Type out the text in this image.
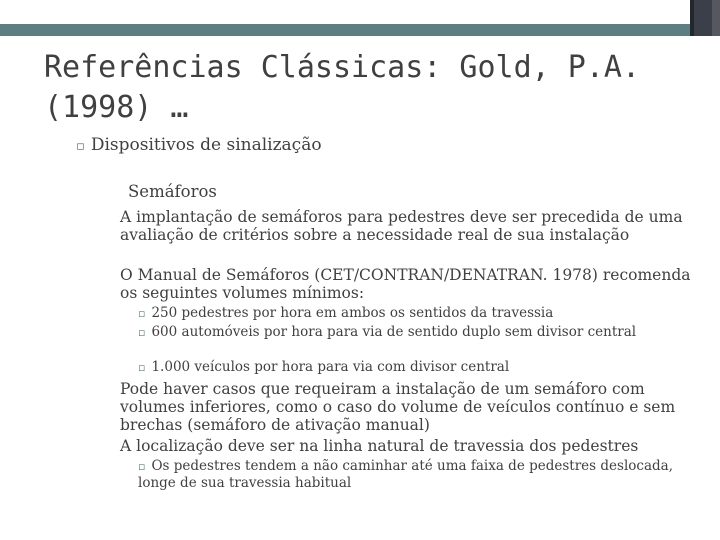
Referências Clássicas: Gold, P.A. (1998) …
▫ Dispositivos de sinalização
Semáforos
A implantação de semáforos para pedestres deve ser precedida de uma avaliação de critérios sobre a necessidade real de sua instalação
O Manual de Semáforos (CET/CONTRAN/DENATRAN. 1978) recomenda os seguintes volumes mínimos:
▫ 250 pedestres por hora em ambos os sentidos da travessia
▫ 600 automóveis por hora para via de sentido duplo sem divisor central
▫ 1.000 veículos por hora para via com divisor central
Pode haver casos que requeiram a instalação de um semáforo com volumes inferiores, como o caso do volume de veículos contínuo e sem brechas (semáforo de ativação manual)
A localização deve ser na linha natural de travessia dos pedestres
▫ Os pedestres tendem a não caminhar até uma faixa de pedestres deslocada, longe de sua travessia habitual
